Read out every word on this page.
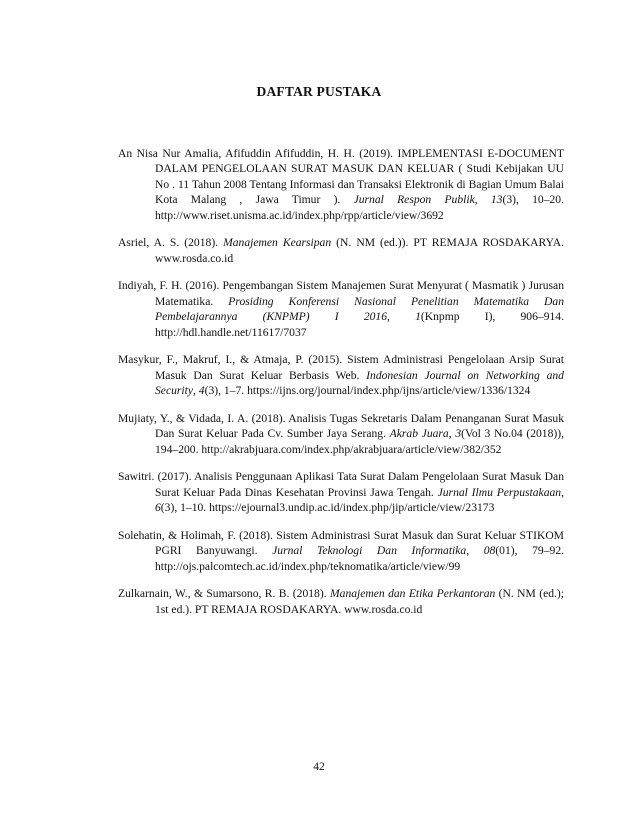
DAFTAR PUSTAKA

An Nisa Nur Amalia, Afifuddin Afifuddin, H. H. (2019). IMPLEMENTASI E-DOCUMENT DALAM PENGELOLAAN SURAT MASUK DAN KELUAR ( Studi Kebijakan UU No . 11 Tahun 2008 Tentang Informasi dan Transaksi Elektronik di Bagian Umum Balai Kota Malang , Jawa Timur ). Jurnal Respon Publik, 13(3), 10–20. http://www.riset.unisma.ac.id/index.php/rpp/article/view/3692

Asriel, A. S. (2018). Manajemen Kearsipan (N. NM (ed.)). PT REMAJA ROSDAKARYA. www.rosda.co.id

Indiyah, F. H. (2016). Pengembangan Sistem Manajemen Surat Menyurat ( Masmatik ) Jurusan Matematika. Prosiding Konferensi Nasional Penelitian Matematika Dan Pembelajarannya (KNPMP) I 2016, 1(Knpmp I), 906–914. http://hdl.handle.net/11617/7037

Masykur, F., Makruf, I., & Atmaja, P. (2015). Sistem Administrasi Pengelolaan Arsip Surat Masuk Dan Surat Keluar Berbasis Web. Indonesian Journal on Networking and Security, 4(3), 1–7. https://ijns.org/journal/index.php/ijns/article/view/1336/1324

Mujiaty, Y., & Vidada, I. A. (2018). Analisis Tugas Sekretaris Dalam Penanganan Surat Masuk Dan Surat Keluar Pada Cv. Sumber Jaya Serang. Akrab Juara, 3(Vol 3 No.04 (2018)), 194–200. http://akrabjuara.com/index.php/akrabjuara/article/view/382/352

Sawitri. (2017). Analisis Penggunaan Aplikasi Tata Surat Dalam Pengelolaan Surat Masuk Dan Surat Keluar Pada Dinas Kesehatan Provinsi Jawa Tengah. Jurnal Ilmu Perpustakaan, 6(3), 1–10. https://ejournal3.undip.ac.id/index.php/jip/article/view/23173

Solehatin, & Holimah, F. (2018). Sistem Administrasi Surat Masuk dan Surat Keluar STIKOM PGRI Banyuwangi. Jurnal Teknologi Dan Informatika, 08(01), 79–92. http://ojs.palcomtech.ac.id/index.php/teknomatika/article/view/99

Zulkarnain, W., & Sumarsono, R. B. (2018). Manajemen dan Etika Perkantoran (N. NM (ed.); 1st ed.). PT REMAJA ROSDAKARYA. www.rosda.co.id

42
